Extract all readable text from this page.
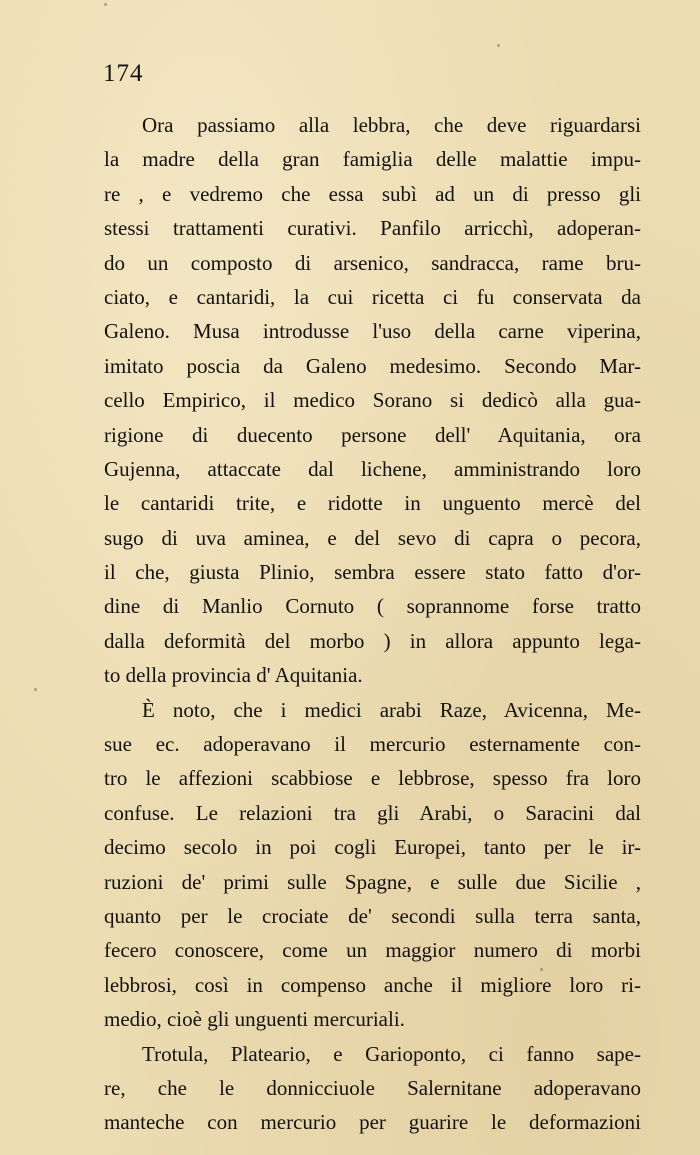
174
Ora passiamo alla lebbra, che deve riguardarsi
la madre della gran famiglia delle malattie impu-
re , e vedremo che essa subì ad un di presso gli
stessi trattamenti curativi. Panfilo arricchì, adoperan-
do un composto di arsenico, sandracca, rame bru-
ciato, e cantaridi, la cui ricetta ci fu conservata da
Galeno. Musa introdusse l'uso della carne viperina,
imitato poscia da Galeno medesimo. Secondo Mar-
cello Empirico, il medico Sorano si dedicò alla gua-
rigione di duecento persone dell' Aquitania, ora
Gujenna, attaccate dal lichene, amministrando loro
le cantaridi trite, e ridotte in unguento mercè del
sugo di uva aminea, e del sevo di capra o pecora,
il che, giusta Plinio, sembra essere stato fatto d'or-
dine di Manlio Cornuto ( soprannome forse tratto
dalla deformità del morbo ) in allora appunto lega-
to della provincia d' Aquitania.
È noto, che i medici arabi Raze, Avicenna, Me-
sue ec. adoperavano il mercurio esternamente con-
tro le affezioni scabbiose e lebbrose, spesso fra loro
confuse. Le relazioni tra gli Arabi, o Saracini dal
decimo secolo in poi cogli Europei, tanto per le ir-
ruzioni de' primi sulle Spagne, e sulle due Sicilie ,
quanto per le crociate de' secondi sulla terra santa,
fecero conoscere, come un maggior numero di morbi
lebbrosi, così in compenso anche il migliore loro ri-
medio, cioè gli unguenti mercuriali.
Trotula, Plateario, e Garioponto, ci fanno sape-
re, che le donnicciuole Salernitane adoperavano
manteche con mercurio per guarire le deformazioni
